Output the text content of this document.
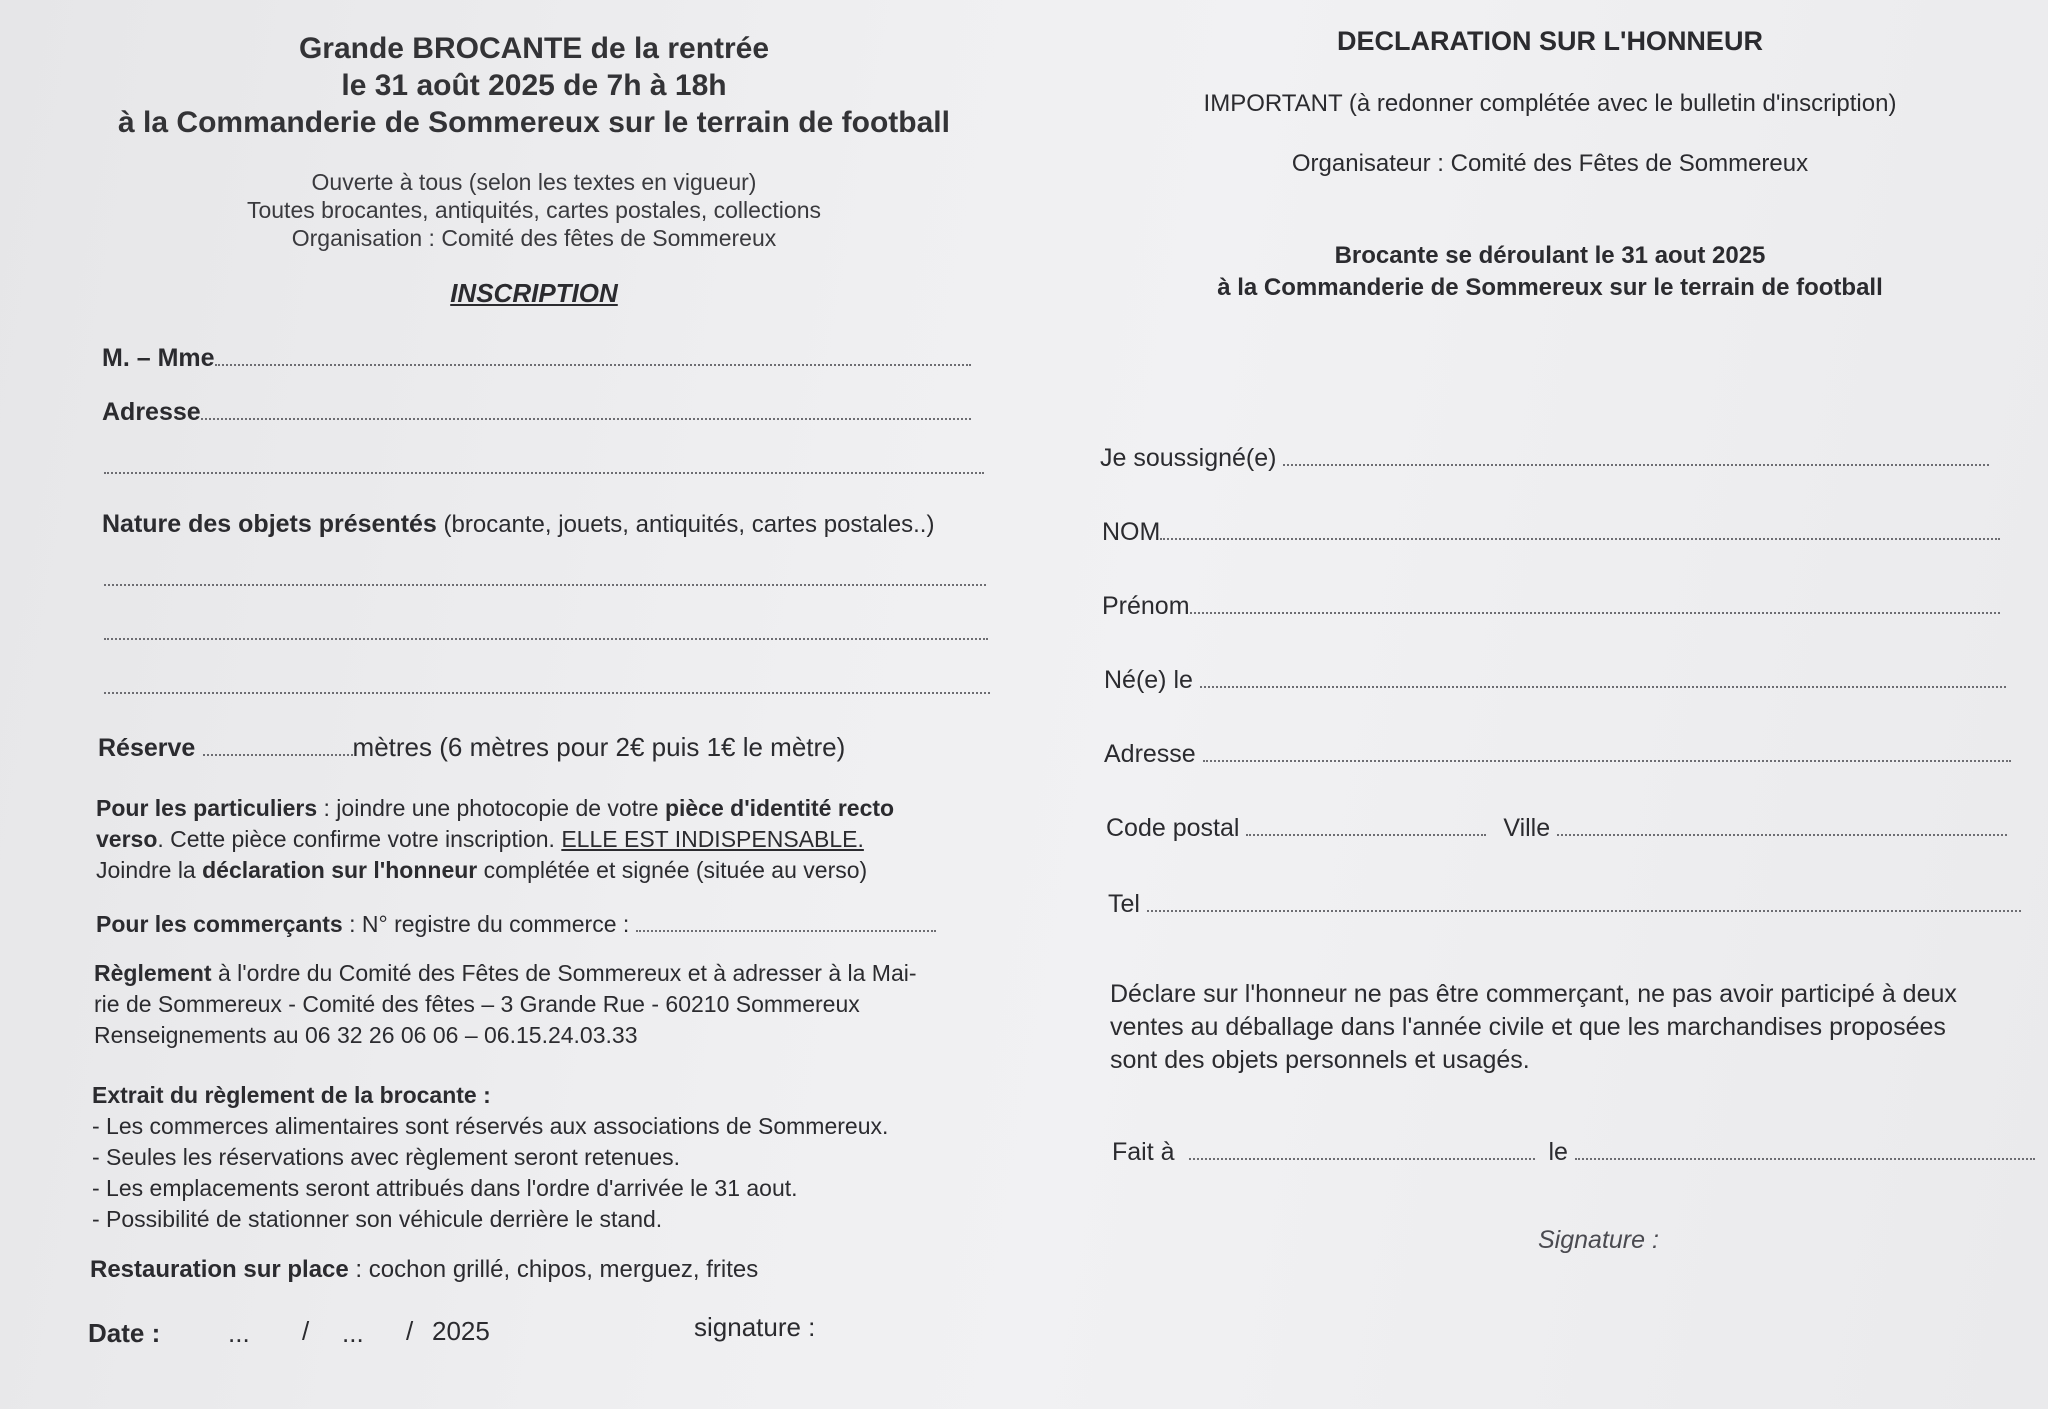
Grande BROCANTE de la rentrée
le 31 août 2025 de 7h à 18h
à la Commanderie de Sommereux sur le terrain de football
Ouverte à tous (selon les textes en vigueur)
Toutes brocantes, antiquités, cartes postales, collections
Organisation : Comité des fêtes de Sommereux
INSCRIPTION
M. – Mme
Adresse
Nature des objets présentés (brocante, jouets, antiquités, cartes postales..)
Réserve	mètres (6 mètres pour 2€ puis 1€ le mètre)
Pour les particuliers : joindre une photocopie de votre pièce d'identité recto
verso. Cette pièce confirme votre inscription. ELLE EST INDISPENSABLE.
Joindre la déclaration sur l'honneur complétée et signée (située au verso)
Pour les commerçants : N° registre du commerce :
Règlement à l'ordre du Comité des Fêtes de Sommereux et à adresser à la Mai-
rie de Sommereux - Comité des fêtes – 3 Grande Rue - 60210 Sommereux
Renseignements au 06 32 26 06 06 – 06.15.24.03.33
Extrait du règlement de la brocante :
- Les commerces alimentaires sont réservés aux associations de Sommereux.
- Seules les réservations avec règlement seront retenues.
- Les emplacements seront attribués dans l'ordre d'arrivée le 31 aout.
- Possibilité de stationner son véhicule derrière le stand.
Restauration sur place : cochon grillé, chipos, merguez, frites
Date :	... / ... / 2025	signature :
DECLARATION SUR L'HONNEUR
IMPORTANT (à redonner complétée avec le bulletin d'inscription)
Organisateur : Comité des Fêtes de Sommereux
Brocante se déroulant le 31 aout 2025
à la Commanderie de Sommereux sur le terrain de football
Je soussigné(e)
NOM
Prénom
Né(e) le
Adresse
Code postal	Ville
Tel
Déclare sur l'honneur ne pas être commerçant, ne pas avoir participé à deux
ventes au déballage dans l'année civile et que les marchandises proposées
sont des objets personnels et usagés.
Fait à	le
Signature :
